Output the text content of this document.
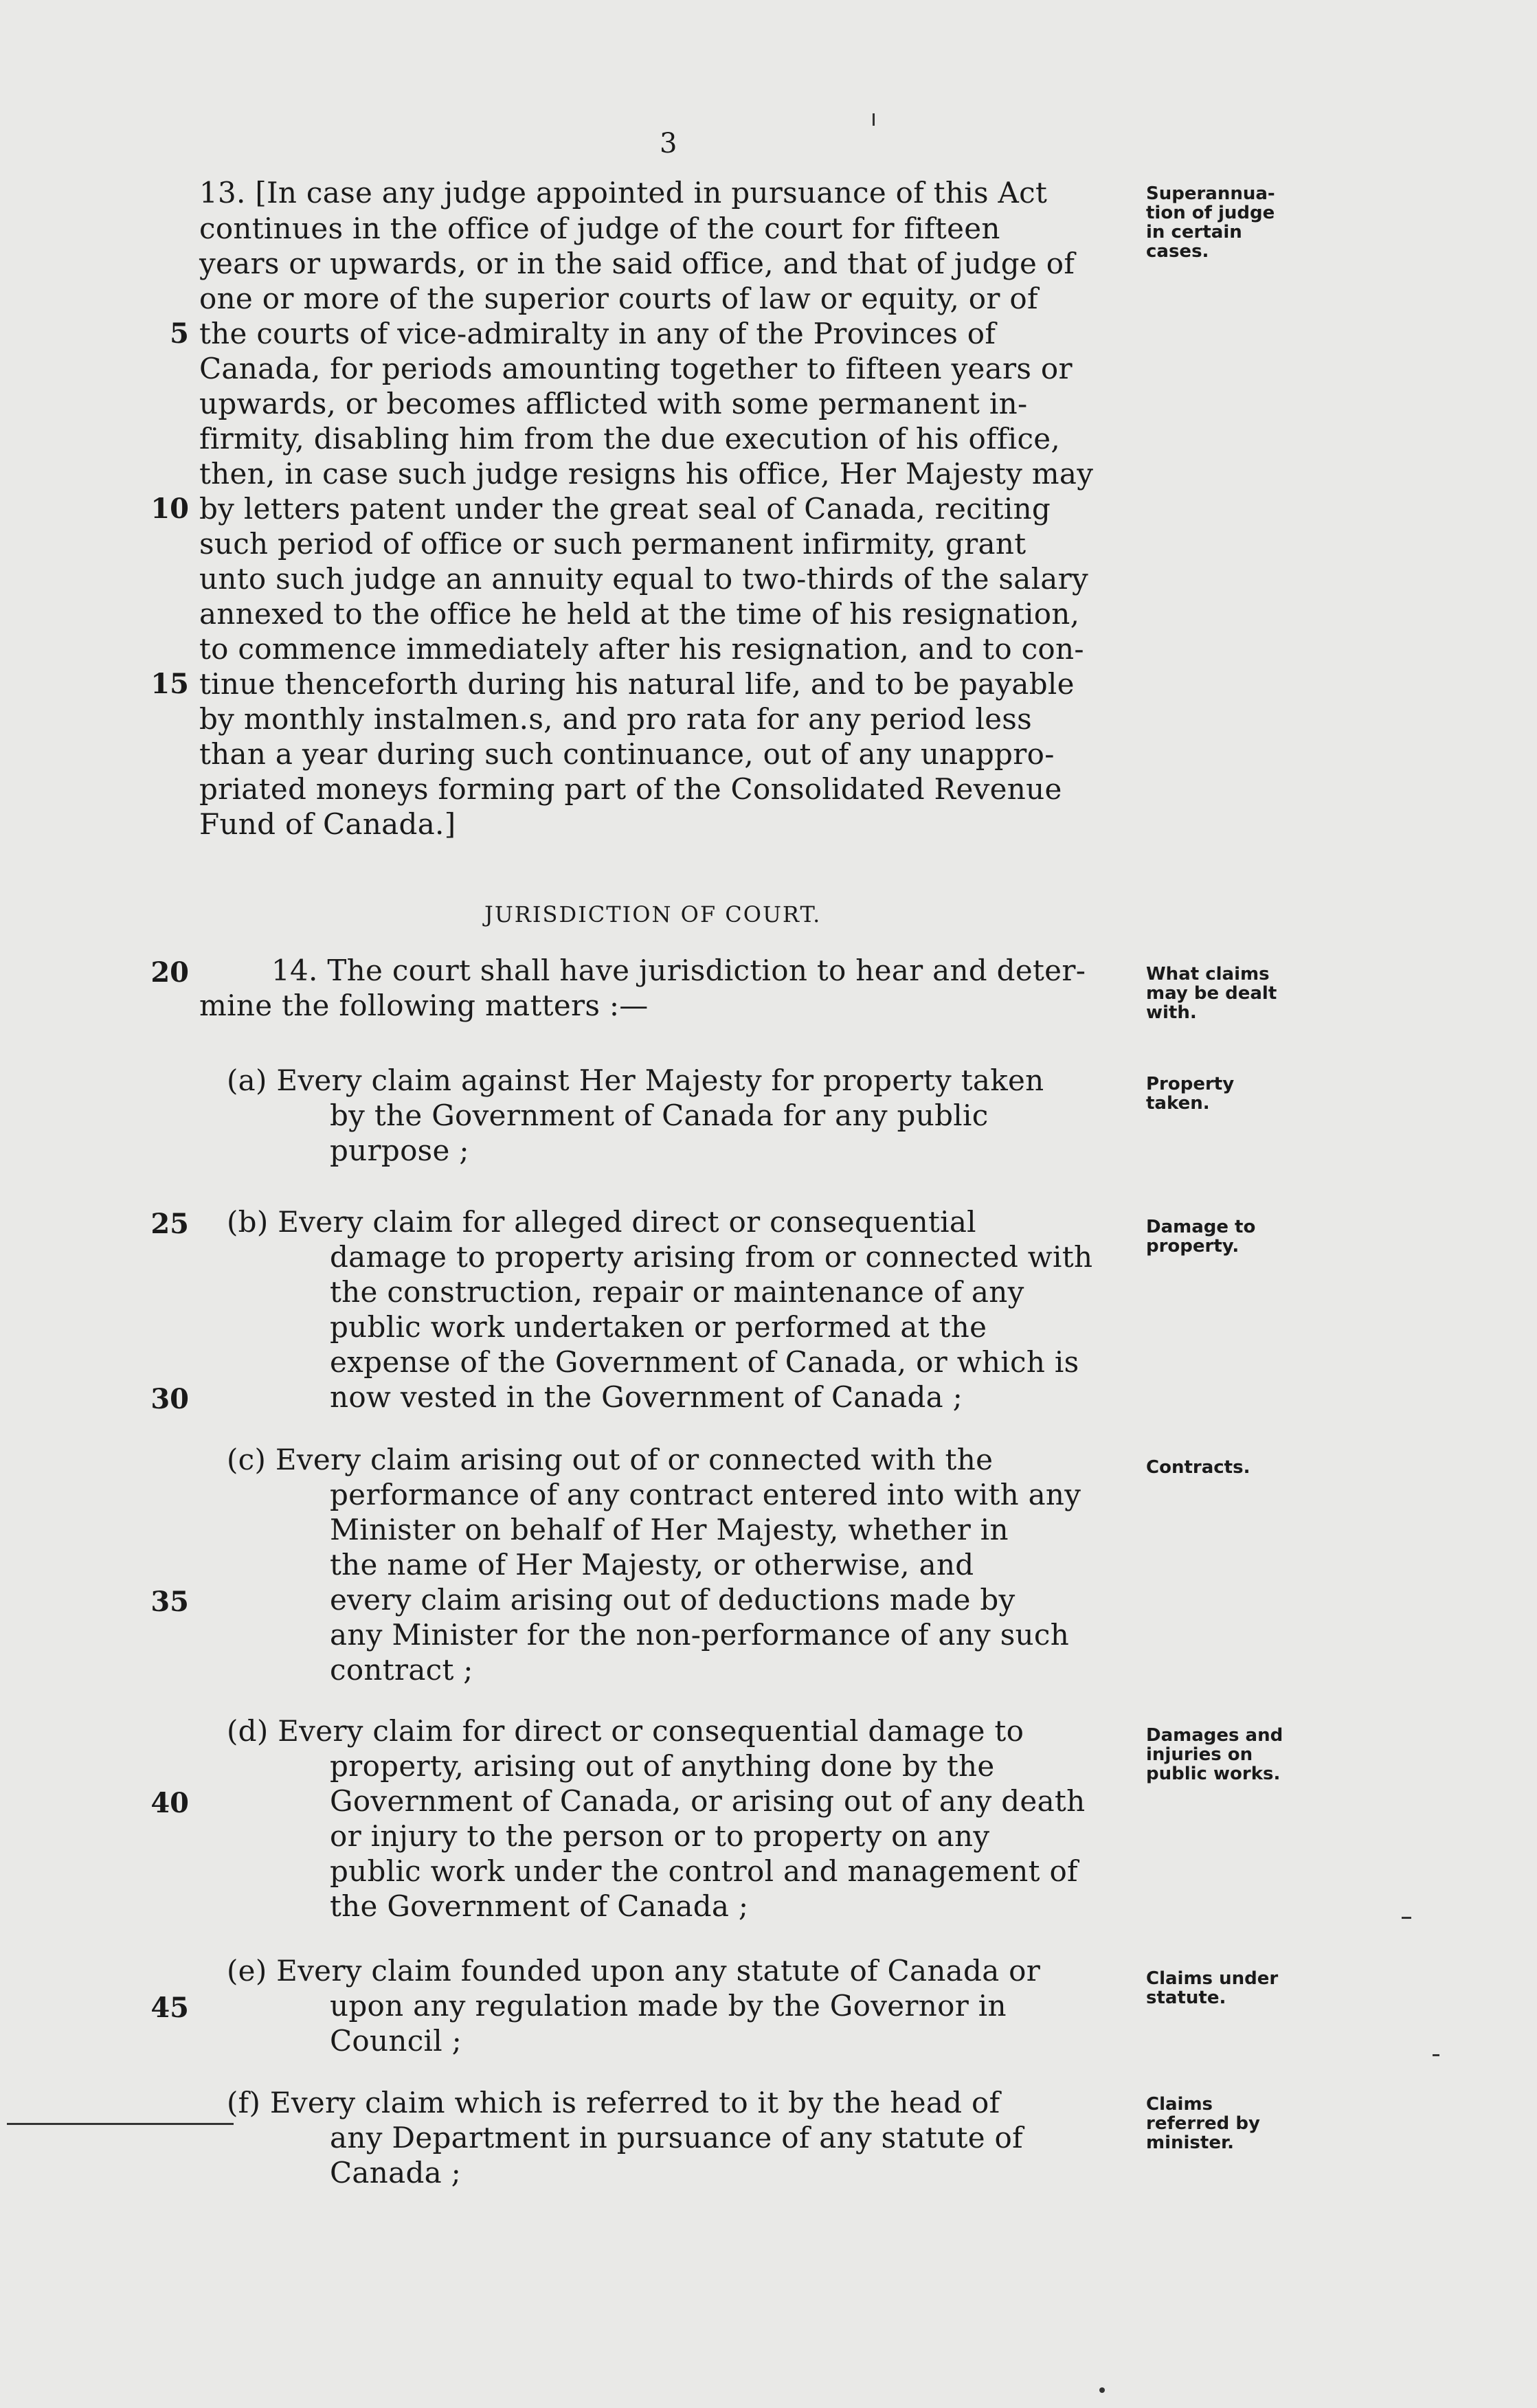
3
13. [In case any judge appointed in pursuance of this Act
continues in the office of judge of the court for fifteen
years or upwards, or in the said office, and that of judge of
one or more of the superior courts of law or equity, or of
the courts of vice-admiralty in any of the Provinces of
Canada, for periods amounting together to fifteen years or
upwards, or becomes afflicted with some permanent in-
firmity, disabling him from the due execution of his office,
then, in case such judge resigns his office, Her Majesty may
by letters patent under the great seal of Canada, reciting
such period of office or such permanent infirmity, grant
unto such judge an annuity equal to two-thirds of the salary
annexed to the office he held at the time of his resignation,
to commence immediately after his resignation, and to con-
tinue thenceforth during his natural life, and to be payable
by monthly instalmen.s, and pro rata for any period less
than a year during such continuance, out of any unappro-
priated moneys forming part of the Consolidated Revenue
Fund of Canada.]
14. The court shall have jurisdiction to hear and deter-
mine the following matters :—
(a) Every claim against Her Majesty for property taken
by the Government of Canada for any public
purpose ;
(b) Every claim for alleged direct or consequential
damage to property arising from or connected with
the construction, repair or maintenance of any
public work undertaken or performed at the
expense of the Government of Canada, or which is
now vested in the Government of Canada ;
(c) Every claim arising out of or connected with the
performance of any contract entered into with any
Minister on behalf of Her Majesty, whether in
the name of Her Majesty, or otherwise, and
every claim arising out of deductions made by
any Minister for the non-performance of any such
contract ;
(d) Every claim for direct or consequential damage to
property, arising out of anything done by the
Government of Canada, or arising out of any death
or injury to the person or to property on any
public work under the control and management of
the Government of Canada ;
(e) Every claim founded upon any statute of Canada or
upon any regulation made by the Governor in
Council ;
(f) Every claim which is referred to it by the head of
any Department in pursuance of any statute of
Canada ;
JURISDICTION OF COURT.
5
10
15
20
25
30
35
40
45
Superannua-
tion of judge
in certain
cases.
What claims
may be dealt
with.
Property
taken.
Damage to
property.
Contracts.
Damages and
injuries on
public works.
Claims under
statute.
Claims
referred by
minister.
